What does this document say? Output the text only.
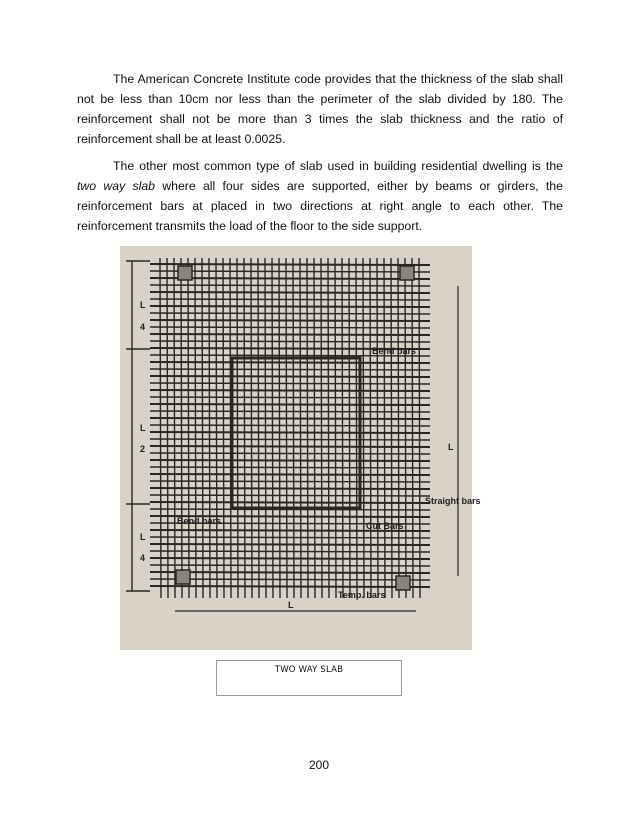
The American Concrete Institute code provides that the thickness of the slab shall not be less than 10cm nor less than the perimeter of the slab divided by 180. The reinforcement shall not be more than 3 times the slab thickness and the ratio of reinforcement shall be at least 0.0025.

The other most common type of slab used in building residential dwelling is the two way slab where all four sides are supported, either by beams or girders, the reinforcement bars at placed in two directions at right angle to each other. The reinforcement transmits the load of the floor to the side support.

L
4
L
2
L
4
L
L
Bend bars
Bend bars
Straight bars
Cut Bars
Temp. bars
TWO WAY SLAB
200
